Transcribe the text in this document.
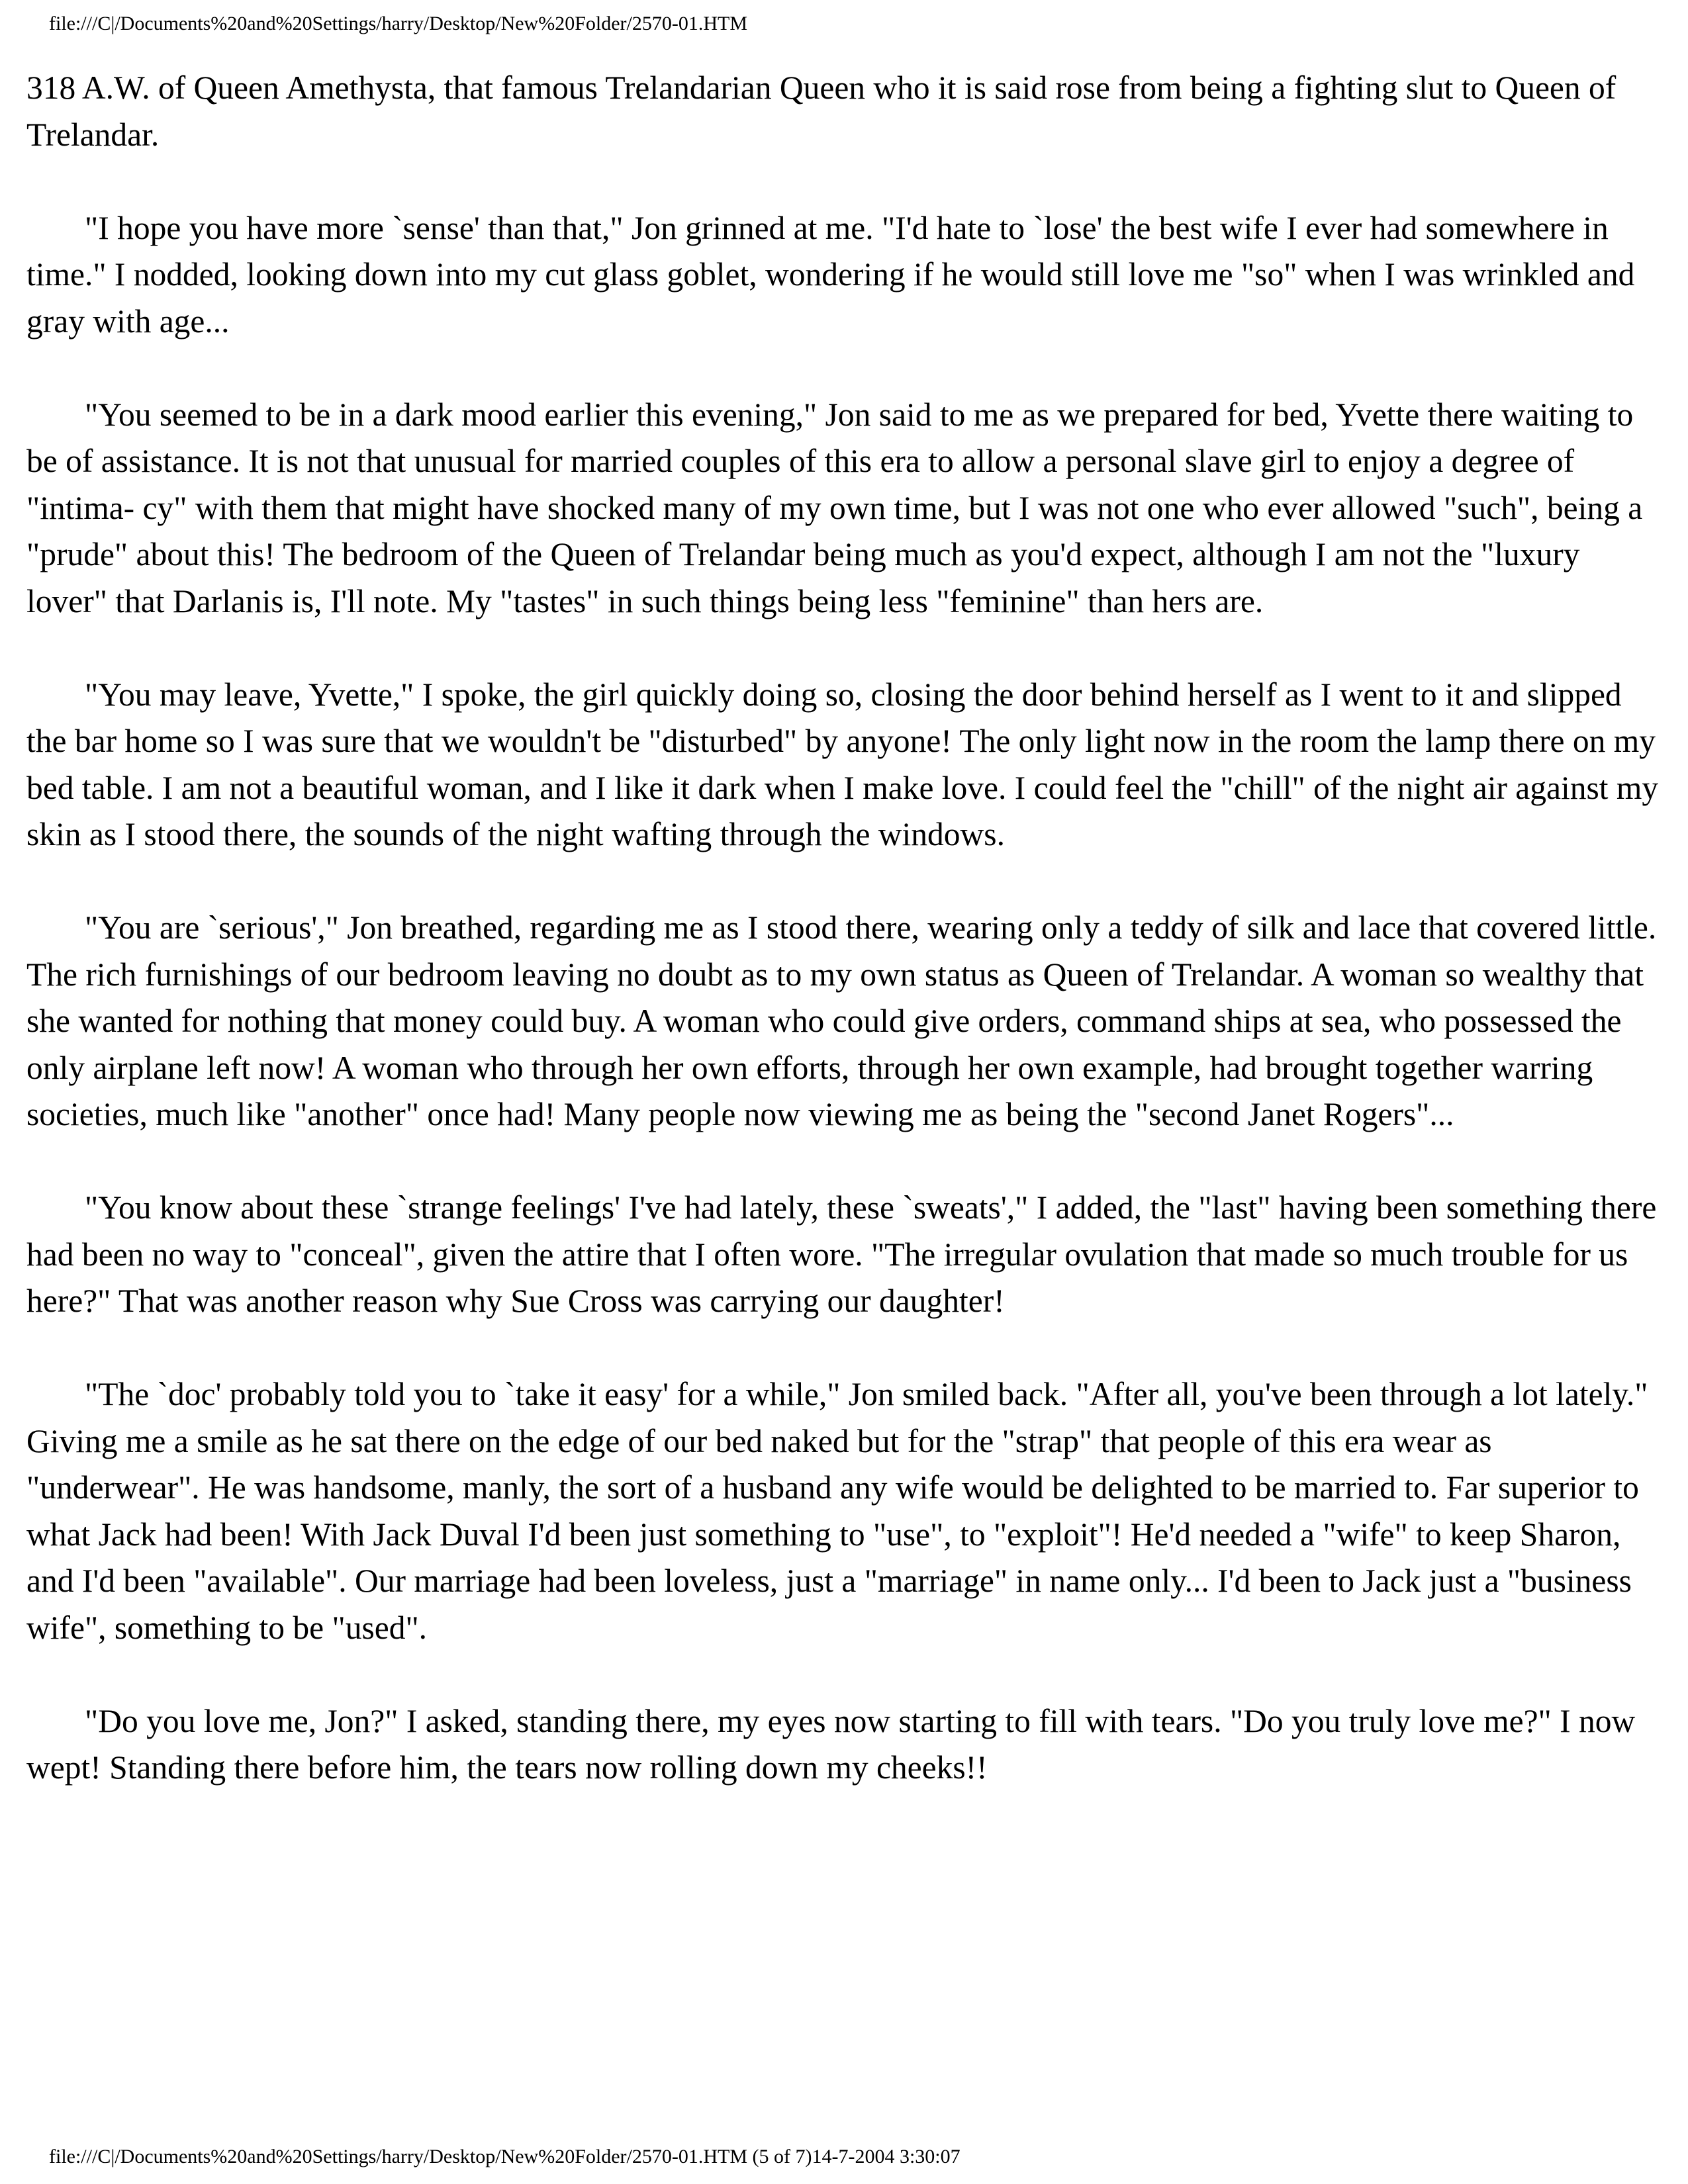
file:///C|/Documents%20and%20Settings/harry/Desktop/New%20Folder/2570-01.HTM

318 A.W. of Queen Amethysta, that famous Trelandarian Queen who it is said rose from being a fighting slut to Queen of Trelandar.

"I hope you have more `sense' than that," Jon grinned at me. "I'd hate to `lose' the best wife I ever had somewhere in time." I nodded, looking down into my cut glass goblet, wondering if he would still love me "so" when I was wrinkled and gray with age...

"You seemed to be in a dark mood earlier this evening," Jon said to me as we prepared for bed, Yvette there waiting to be of assistance. It is not that unusual for married couples of this era to allow a personal slave girl to enjoy a degree of "intima- cy" with them that might have shocked many of my own time, but I was not one who ever allowed "such", being a "prude" about this! The bedroom of the Queen of Trelandar being much as you'd expect, although I am not the "luxury lover" that Darlanis is, I'll note. My "tastes" in such things being less "feminine" than hers are.

"You may leave, Yvette," I spoke, the girl quickly doing so, closing the door behind herself as I went to it and slipped the bar home so I was sure that we wouldn't be "disturbed" by anyone! The only light now in the room the lamp there on my bed table. I am not a beautiful woman, and I like it dark when I make love. I could feel the "chill" of the night air against my skin as I stood there, the sounds of the night wafting through the windows.

"You are `serious'," Jon breathed, regarding me as I stood there, wearing only a teddy of silk and lace that covered little. The rich furnishings of our bedroom leaving no doubt as to my own status as Queen of Trelandar. A woman so wealthy that she wanted for nothing that money could buy. A woman who could give orders, command ships at sea, who possessed the only airplane left now! A woman who through her own efforts, through her own example, had brought together warring societies, much like "another" once had! Many people now viewing me as being the "second Janet Rogers"...

"You know about these `strange feelings' I've had lately, these `sweats'," I added, the "last" having been something there had been no way to "conceal", given the attire that I often wore. "The irregular ovulation that made so much trouble for us here?" That was another reason why Sue Cross was carrying our daughter!

"The `doc' probably told you to `take it easy' for a while," Jon smiled back. "After all, you've been through a lot lately." Giving me a smile as he sat there on the edge of our bed naked but for the "strap" that people of this era wear as "underwear". He was handsome, manly, the sort of a husband any wife would be delighted to be married to. Far superior to what Jack had been! With Jack Duval I'd been just something to "use", to "exploit"! He'd needed a "wife" to keep Sharon, and I'd been "available". Our marriage had been loveless, just a "marriage" in name only... I'd been to Jack just a "business wife", something to be "used".

"Do you love me, Jon?" I asked, standing there, my eyes now starting to fill with tears. "Do you truly love me?" I now wept! Standing there before him, the tears now rolling down my cheeks!!

file:///C|/Documents%20and%20Settings/harry/Desktop/New%20Folder/2570-01.HTM (5 of 7)14-7-2004 3:30:07
